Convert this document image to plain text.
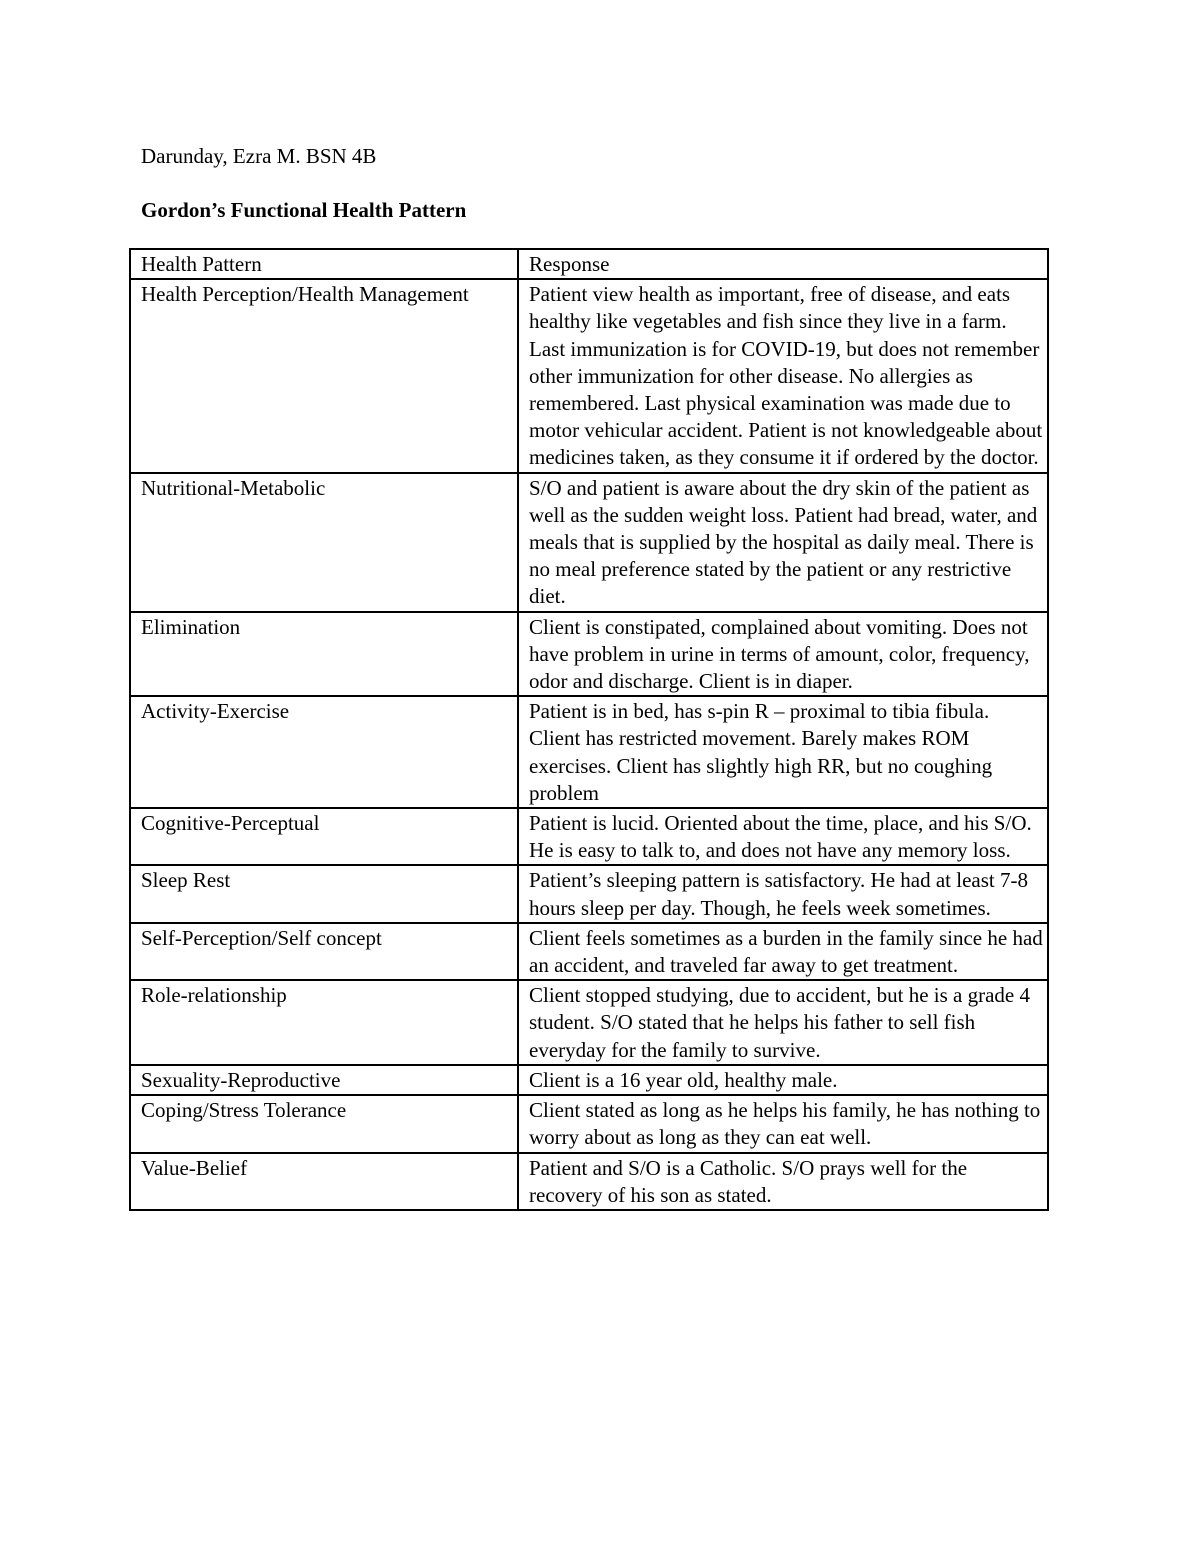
Darunday, Ezra M. BSN 4B
Gordon’s Functional Health Pattern
Health Pattern	Response
Health Perception/Health Management	Patient view health as important, free of disease, and eats healthy like vegetables and fish since they live in a farm. Last immunization is for COVID-19, but does not remember other immunization for other disease. No allergies as remembered. Last physical examination was made due to motor vehicular accident. Patient is not knowledgeable about medicines taken, as they consume it if ordered by the doctor.
Nutritional-Metabolic	S/O and patient is aware about the dry skin of the patient as well as the sudden weight loss. Patient had bread, water, and meals that is supplied by the hospital as daily meal. There is no meal preference stated by the patient or any restrictive diet.
Elimination	Client is constipated, complained about vomiting. Does not have problem in urine in terms of amount, color, frequency, odor and discharge. Client is in diaper.
Activity-Exercise	Patient is in bed, has s-pin R – proximal to tibia fibula. Client has restricted movement. Barely makes ROM exercises. Client has slightly high RR, but no coughing problem
Cognitive-Perceptual	Patient is lucid. Oriented about the time, place, and his S/O. He is easy to talk to, and does not have any memory loss.
Sleep Rest	Patient’s sleeping pattern is satisfactory. He had at least 7-8 hours sleep per day. Though, he feels week sometimes.
Self-Perception/Self concept	Client feels sometimes as a burden in the family since he had an accident, and traveled far away to get treatment.
Role-relationship	Client stopped studying, due to accident, but he is a grade 4 student. S/O stated that he helps his father to sell fish everyday for the family to survive.
Sexuality-Reproductive	Client is a 16 year old, healthy male.
Coping/Stress Tolerance	Client stated as long as he helps his family, he has nothing to worry about as long as they can eat well.
Value-Belief	Patient and S/O is a Catholic. S/O prays well for the recovery of his son as stated.
